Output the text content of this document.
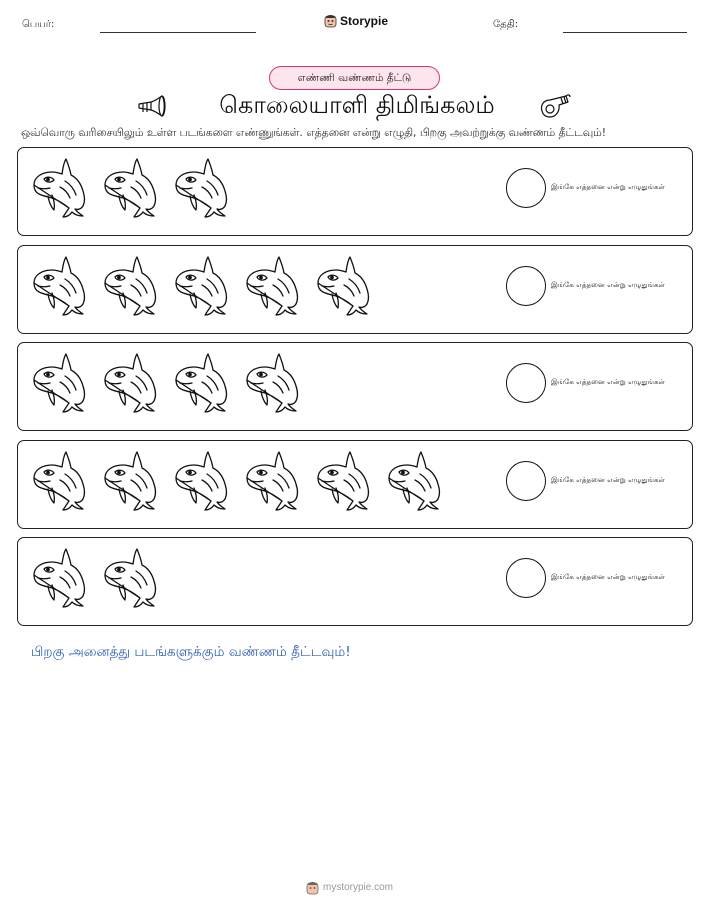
பெயர்:	Storypie	தேதி:
எண்ணி வண்ணம் தீட்டு
கொலையாளி திமிங்கலம்

ஒவ்வொரு வரிசையிலும் உள்ள படங்களை எண்ணுங்கள். எத்தனை என்று எழுதி, பிறகு அவற்றுக்கு வண்ணம் தீட்டவும்!

இங்கே எத்தனை என்று எழுதுங்கள்
இங்கே எத்தனை என்று எழுதுங்கள்
இங்கே எத்தனை என்று எழுதுங்கள்
இங்கே எத்தனை என்று எழுதுங்கள்
இங்கே எத்தனை என்று எழுதுங்கள்

பிறகு அனைத்து படங்களுக்கும் வண்ணம் தீட்டவும்!

mystorypie.com
